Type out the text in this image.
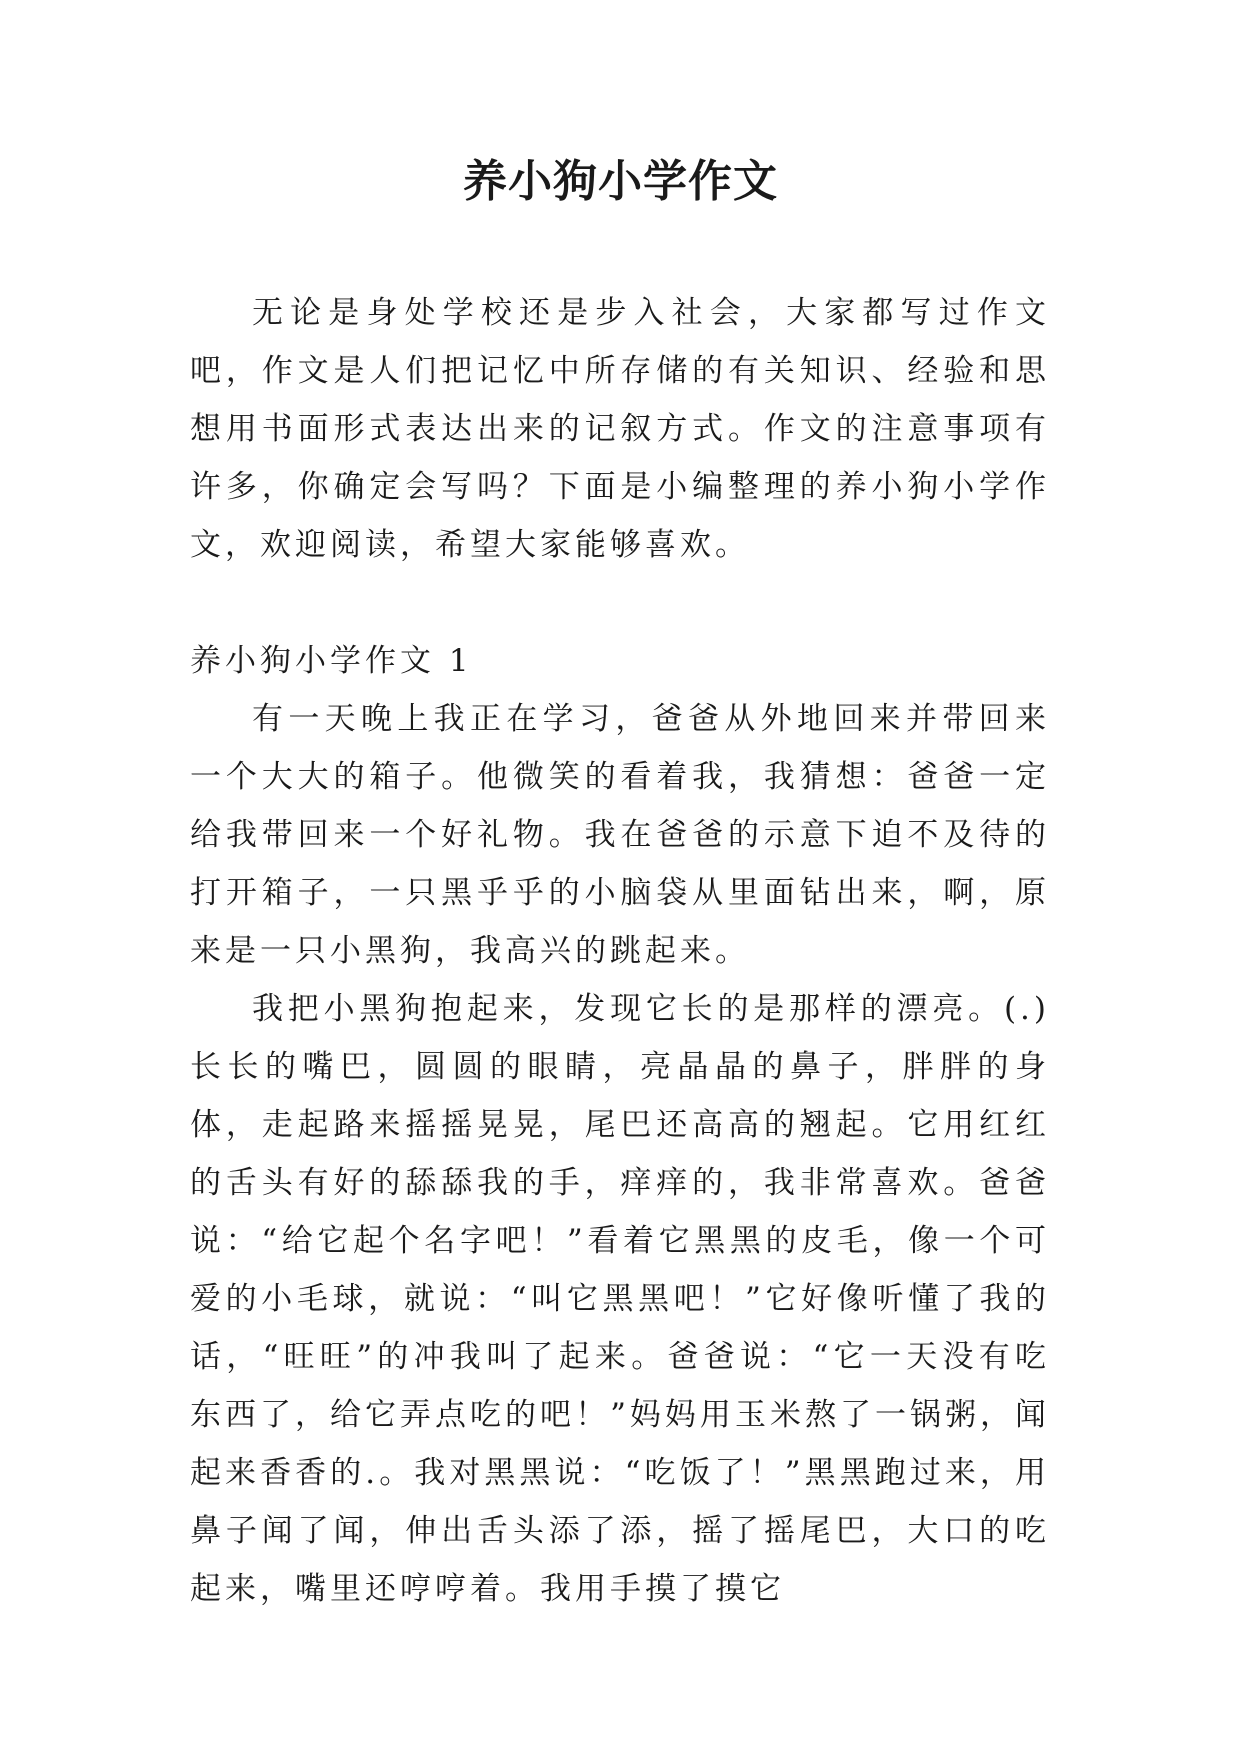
养小狗小学作文

无论是身处学校还是步入社会，大家都写过作文吧，作文是人们把记忆中所存储的有关知识、经验和思想用书面形式表达出来的记叙方式。作文的注意事项有许多，你确定会写吗？下面是小编整理的养小狗小学作文，欢迎阅读，希望大家能够喜欢。

养小狗小学作文 1

有一天晚上我正在学习，爸爸从外地回来并带回来一个大大的箱子。他微笑的看着我，我猜想：爸爸一定给我带回来一个好礼物。我在爸爸的示意下迫不及待的打开箱子，一只黑乎乎的小脑袋从里面钻出来，啊，原来是一只小黑狗，我高兴的跳起来。

我把小黑狗抱起来，发现它长的是那样的漂亮。(.)长长的嘴巴，圆圆的眼睛，亮晶晶的鼻子，胖胖的身体，走起路来摇摇晃晃，尾巴还高高的翘起。它用红红的舌头有好的舔舔我的手，痒痒的，我非常喜欢。爸爸说：“给它起个名字吧！”看着它黑黑的皮毛，像一个可爱的小毛球，就说：“叫它黑黑吧！”它好像听懂了我的话，“旺旺”的冲我叫了起来。爸爸说：“它一天没有吃东西了，给它弄点吃的吧！”妈妈用玉米熬了一锅粥，闻起来香香的.。我对黑黑说：“吃饭了！”黑黑跑过来，用鼻子闻了闻，伸出舌头添了添，摇了摇尾巴，大口的吃起来，嘴里还哼哼着。我用手摸了摸它
